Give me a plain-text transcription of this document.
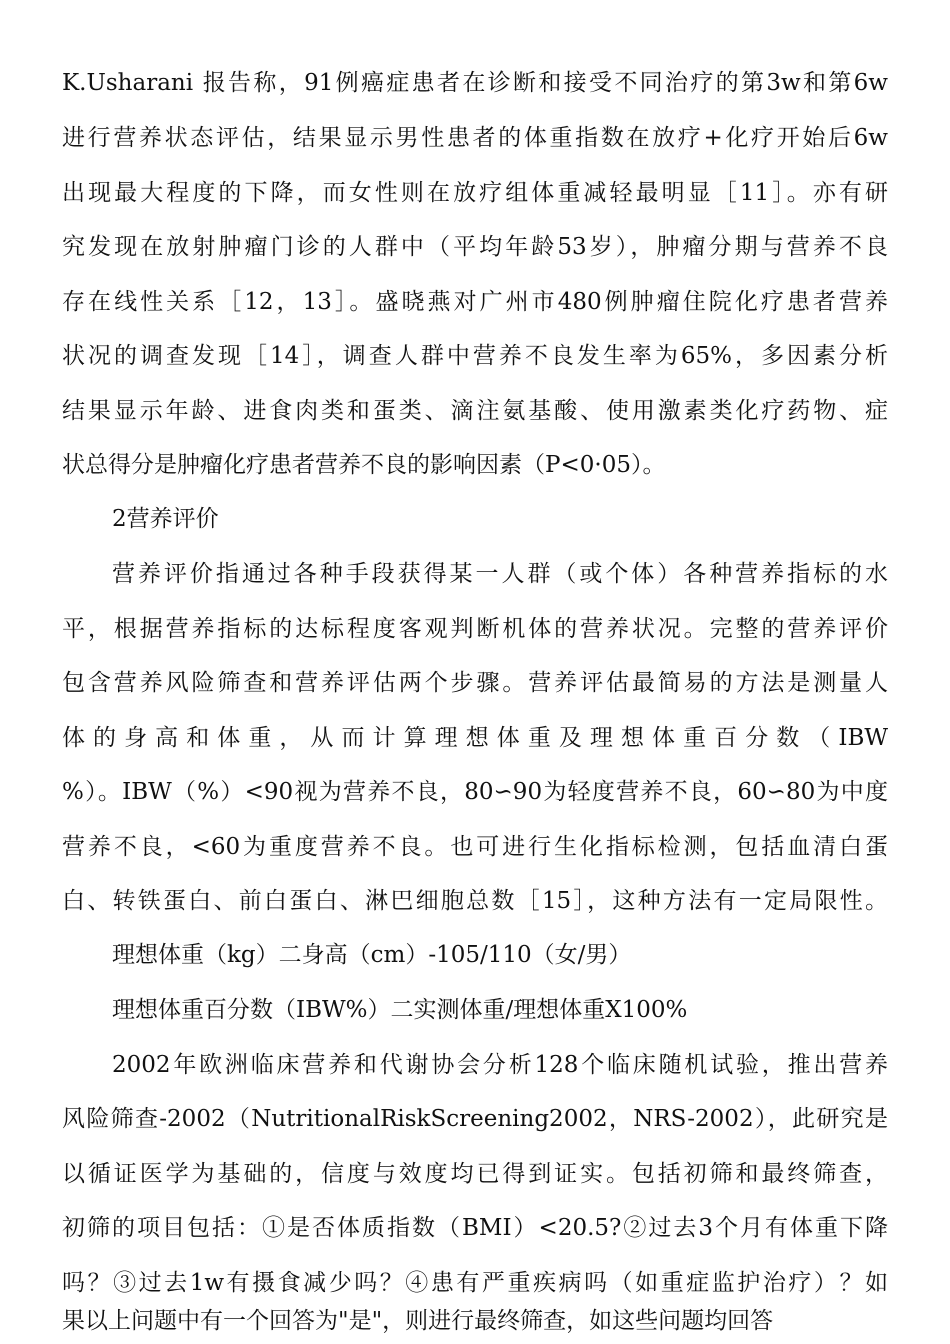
K.Usharani 报告称，91例癌症患者在诊断和接受不同治疗的第3w和第6w
进行营养状态评估，结果显示男性患者的体重指数在放疗+化疗开始后6w
出现最大程度的下降，而女性则在放疗组体重减轻最明显［11］。亦有研
究发现在放射肿瘤门诊的人群中（平均年龄53岁），肿瘤分期与营养不良
存在线性关系［12，13］。盛晓燕对广州市480例肿瘤住院化疗患者营养
状况的调查发现［14］，调查人群中营养不良发生率为65%，多因素分析
结果显示年龄、进食肉类和蛋类、滴注氨基酸、使用激素类化疗药物、症
状总得分是肿瘤化疗患者营养不良的影响因素（P<0·05）。
2营养评价
营养评价指通过各种手段获得某一人群（或个体）各种营养指标的水
平，根据营养指标的达标程度客观判断机体的营养状况。完整的营养评价
包含营养风险筛查和营养评估两个步骤。营养评估最简易的方法是测量人
体的身高和体重，从而计算理想体重及理想体重百分数（IBW
%）。IBW（%）<90视为营养不良，80∽90为轻度营养不良，60∽80为中度
营养不良，<60为重度营养不良。也可进行生化指标检测，包括血清白蛋
白、转铁蛋白、前白蛋白、淋巴细胞总数［15］，这种方法有一定局限性。
理想体重（kg）二身高（cm）-105/110（女/男）
理想体重百分数（IBW%）二实测体重/理想体重X100%
2002年欧洲临床营养和代谢协会分析128个临床随机试验，推出营养
风险筛查-2002（NutritionalRiskScreening2002，NRS-2002），此研究是
以循证医学为基础的，信度与效度均已得到证实。包括初筛和最终筛查，
初筛的项目包括：①是否体质指数（BMI）<20.5?②过去3个月有体重下降
吗？③过去1w有摄食减少吗？④患有严重疾病吗（如重症监护治疗）？如
果以上问题中有一个回答为"是"，则进行最终筛查，如这些问题均回答
